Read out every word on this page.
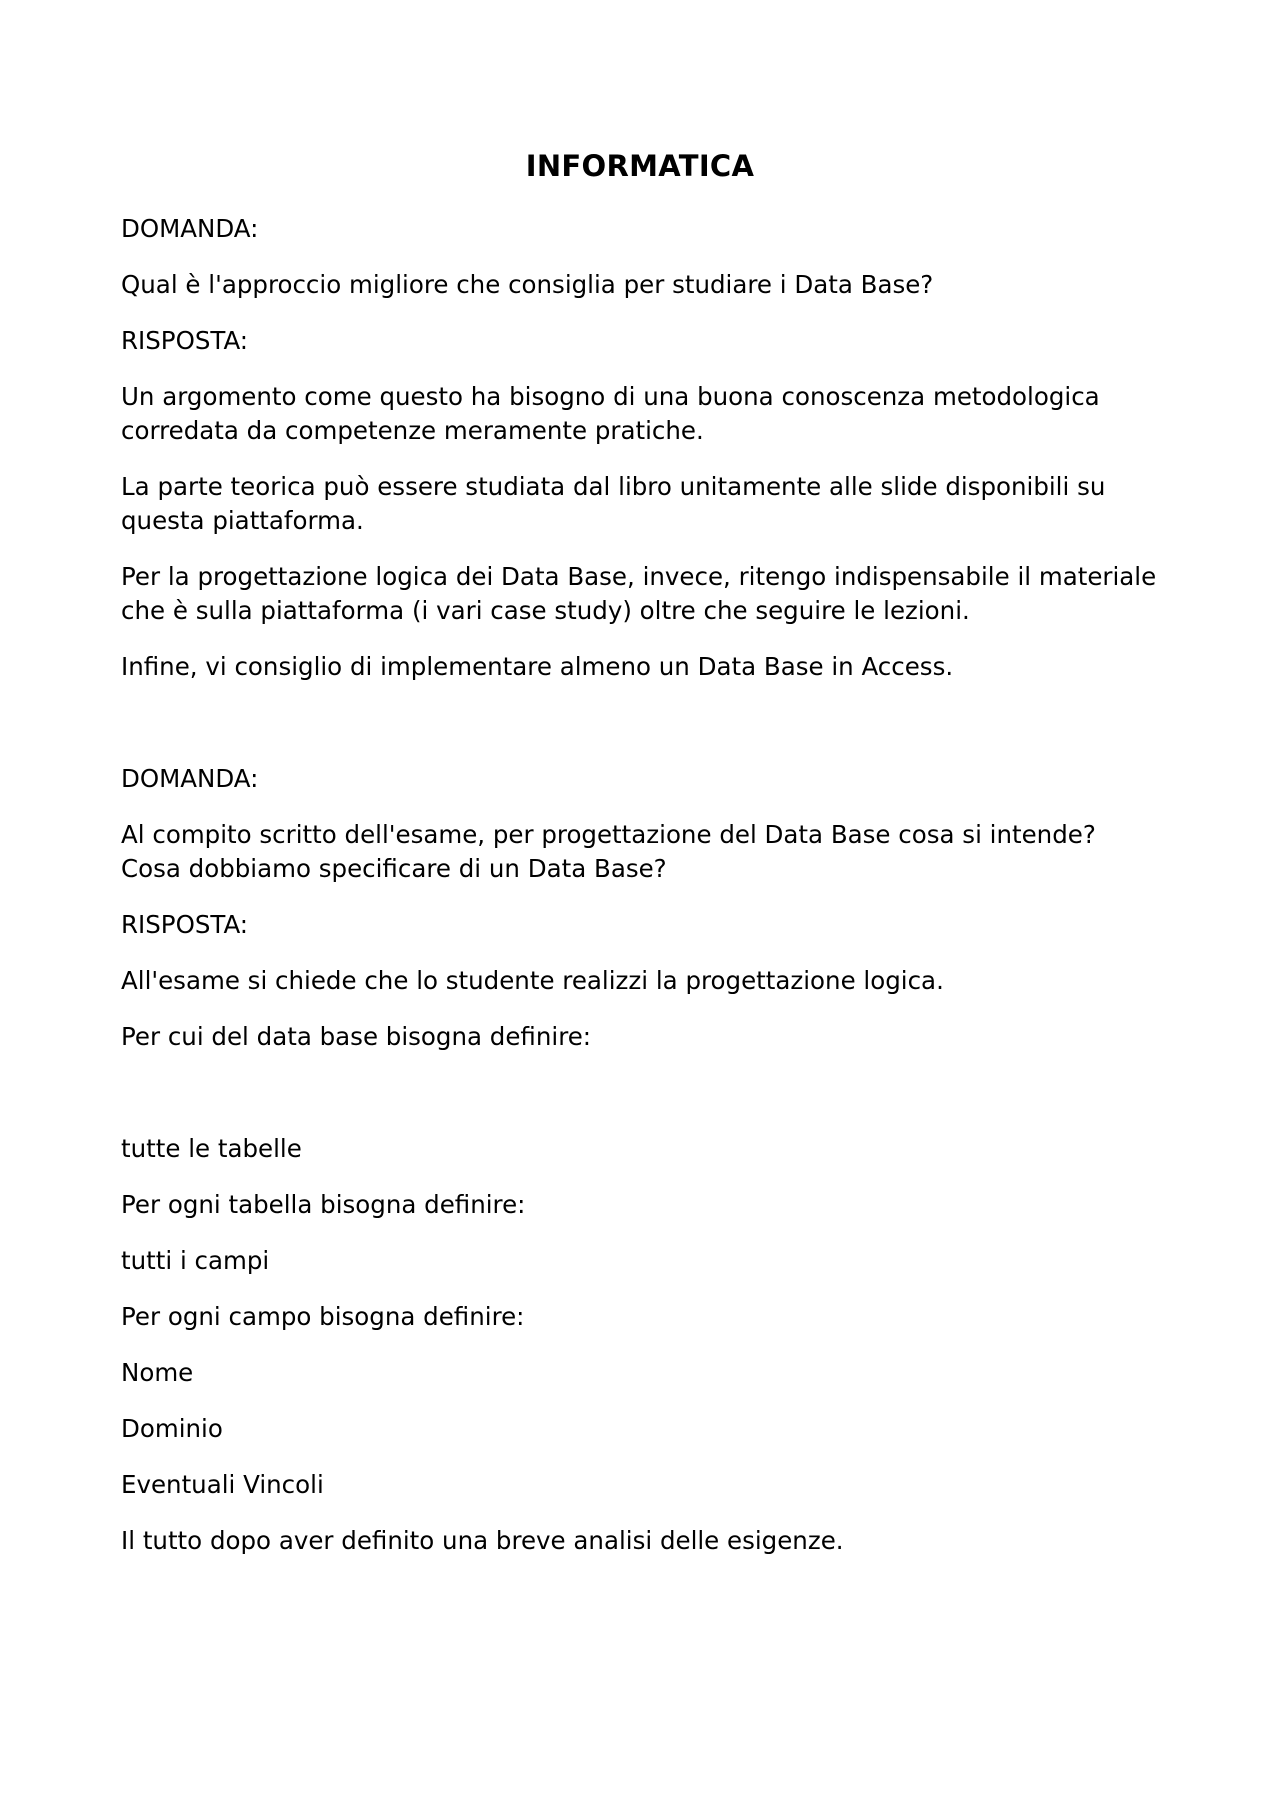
INFORMATICA

DOMANDA:

Qual è l'approccio migliore che consiglia per studiare i Data Base?

RISPOSTA:

Un argomento come questo ha bisogno di una buona conoscenza metodologica corredata da competenze meramente pratiche.

La parte teorica può essere studiata dal libro unitamente alle slide disponibili su questa piattaforma.

Per la progettazione logica dei Data Base, invece, ritengo indispensabile il materiale che è sulla piattaforma (i vari case study) oltre che seguire le lezioni.

Infine, vi consiglio di implementare almeno un Data Base in Access.

DOMANDA:

Al compito scritto dell'esame, per progettazione del Data Base cosa si intende?
Cosa dobbiamo specificare di un Data Base?

RISPOSTA:

All'esame si chiede che lo studente realizzi la progettazione logica.

Per cui del data base bisogna definire:

tutte le tabelle

Per ogni tabella bisogna definire:

tutti i campi

Per ogni campo bisogna definire:

Nome

Dominio

Eventuali Vincoli

Il tutto dopo aver definito una breve analisi delle esigenze.
